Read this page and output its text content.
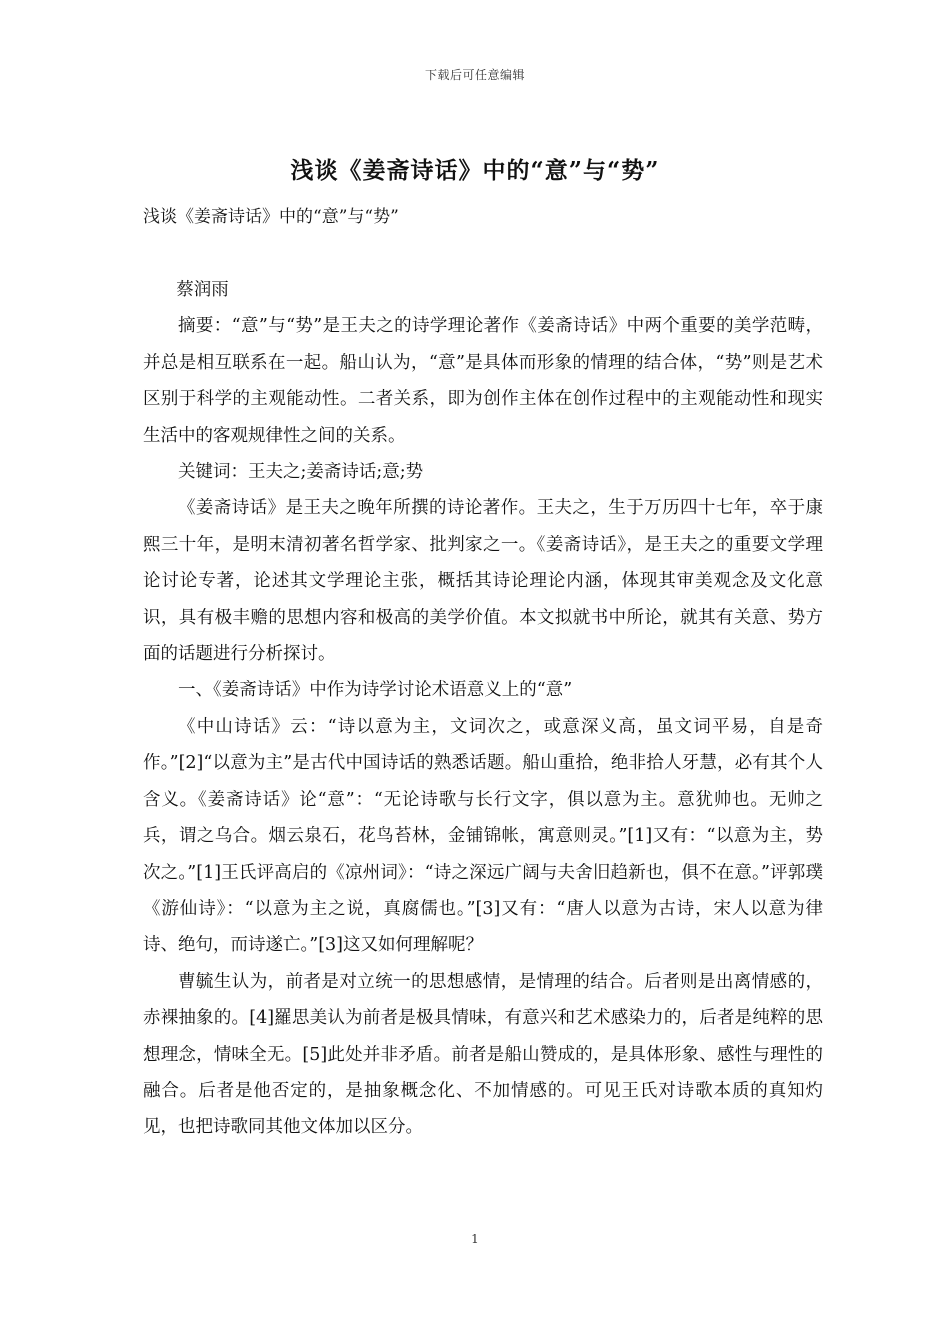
下载后可任意编辑
浅谈《姜斋诗话》中的“意”与“势”
浅谈《姜斋诗话》中的“意”与“势”

蔡润雨

摘要：“意”与“势”是王夫之的诗学理论著作《姜斋诗话》中两个重要的美学范畴，并总是相互联系在一起。船山认为，“意”是具体而形象的情理的结合体，“势”则是艺术区别于科学的主观能动性。二者关系，即为创作主体在创作过程中的主观能动性和现实生活中的客观规律性之间的关系。

关键词：王夫之;姜斋诗话;意;势

《姜斋诗话》是王夫之晚年所撰的诗论著作。王夫之，生于万历四十七年，卒于康熙三十年，是明末清初著名哲学家、批判家之一。《姜斋诗话》，是王夫之的重要文学理论讨论专著，论述其文学理论主张，概括其诗论理论内涵，体现其审美观念及文化意识，具有极丰赡的思想内容和极高的美学价值。本文拟就书中所论，就其有关意、势方面的话题进行分析探讨。

一、《姜斋诗话》中作为诗学讨论术语意义上的“意”

《中山诗话》云：“诗以意为主，文词次之，或意深义高，虽文词平易，自是奇作。”[2]“以意为主”是古代中国诗话的熟悉话题。船山重拾，绝非拾人牙慧，必有其个人含义。《姜斋诗话》论“意”：“无论诗歌与长行文字，俱以意为主。意犹帅也。无帅之兵，谓之乌合。烟云泉石，花鸟苔林，金铺锦帐，寓意则灵。”[1]又有：“以意为主，势次之。”[1]王氏评高启的《凉州词》：“诗之深远广阔与夫舍旧趋新也，俱不在意。”评郭璞《游仙诗》：“以意为主之说，真腐儒也。”[3]又有：“唐人以意为古诗，宋人以意为律诗、绝句，而诗遂亡。”[3]这又如何理解呢？

曹毓生认为，前者是对立统一的思想感情，是情理的结合。后者则是出离情感的，赤裸抽象的。[4]羅思美认为前者是极具情味，有意兴和艺术感染力的，后者是纯粹的思想理念，情味全无。[5]此处并非矛盾。前者是船山赞成的，是具体形象、感性与理性的融合。后者是他否定的，是抽象概念化、不加情感的。可见王氏对诗歌本质的真知灼见，也把诗歌同其他文体加以区分。

1
